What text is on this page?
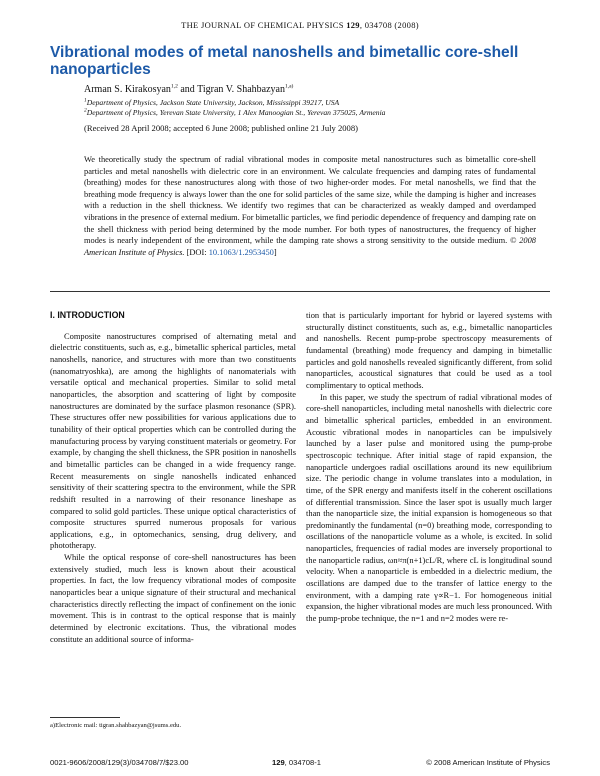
THE JOURNAL OF CHEMICAL PHYSICS 129, 034708 (2008)
Vibrational modes of metal nanoshells and bimetallic core-shell nanoparticles
Arman S. Kirakosyan$^{1,2}$ and Tigran V. Shahbazyan$^{1,a)}$
$^1$Department of Physics, Jackson State University, Jackson, Mississippi 39217, USA
$^2$Department of Physics, Yerevan State University, 1 Alex Manoogian St., Yerevan 375025, Armenia
(Received 28 April 2008; accepted 6 June 2008; published online 21 July 2008)
We theoretically study the spectrum of radial vibrational modes in composite metal nanostructures such as bimetallic core-shell particles and metal nanoshells with dielectric core in an environment. We calculate frequencies and damping rates of fundamental (breathing) modes for these nanostructures along with those of two higher-order modes. For metal nanoshells, we find that the breathing mode frequency is always lower than the one for solid particles of the same size, while the damping is higher and increases with a reduction in the shell thickness. We identify two regimes that can be characterized as weakly damped and overdamped vibrations in the presence of external medium. For bimetallic particles, we find periodic dependence of frequency and damping rate on the shell thickness with period being determined by the mode number. For both types of nanostructures, the frequency of higher modes is nearly independent of the environment, while the damping rate shows a strong sensitivity to the outside medium. © 2008 American Institute of Physics. [DOI: 10.1063/1.2953450]
I. INTRODUCTION

Composite nanostructures comprised of alternating metal and dielectric constituents, such as, e.g., bimetallic spherical particles, metal nanoshells, nanorice, and structures with more than two constituents (nanomatryoshka), are among the highlights of nanomaterials with versatile optical and mechanical properties. Similar to solid metal nanoparticles, the absorption and scattering of light by composite nanostructures are dominated by the surface plasmon resonance (SPR). These structures offer new possibilities for various applications due to tunability of their optical properties which can be controlled during the manufacturing process by varying constituent materials or geometry. For example, by changing the shell thickness, the SPR position in nanoshells and bimetallic particles can be changed in a wide frequency range. Recent measurements on single nanoshells indicated enhanced sensitivity of their scattering spectra to the environment, while the SPR redshift resulted in a narrowing of their resonance lineshape as compared to solid gold particles. These unique optical characteristics of composite structures spurred numerous proposals for various applications, e.g., in optomechanics, sensing, drug delivery, and phototherapy.

While the optical response of core-shell nanostructures has been extensively studied, much less is known about their acoustical properties. In fact, the low frequency vibrational modes of composite nanoparticles bear a unique signature of their structural and mechanical characteristics directly reflecting the impact of confinement on the ionic movement. This is in contrast to the optical response that is mainly determined by electronic excitations. Thus, the vibrational modes constitute an additional source of informa-

tion that is particularly important for hybrid or layered systems with structurally distinct constituents, such as, e.g., bimetallic nanoparticles and nanoshells. Recent pump-probe spectroscopy measurements of fundamental (breathing) mode frequency and damping in bimetallic particles and gold nanoshells revealed significantly different, from solid nanoparticles, acoustical signatures that could be used as a tool complimentary to optical methods.

In this paper, we study the spectrum of radial vibrational modes of core-shell nanoparticles, including metal nanoshells with dielectric core and bimetallic spherical particles, embedded in an environment. Acoustic vibrational modes in nanoparticles can be impulsively launched by a laser pulse and monitored using the pump-probe spectroscopic technique. After initial stage of rapid expansion, the nanoparticle undergoes radial oscillations around its new equilibrium size. The periodic change in volume translates into a modulation, in time, of the SPR energy and manifests itself in the coherent oscillations of differential transmission. Since the laser spot is usually much larger than the nanoparticle size, the initial expansion is homogeneous so that predominantly the fundamental (n=0) breathing mode, corresponding to oscillations of the nanoparticle volume as a whole, is excited. In solid nanoparticles, frequencies of radial modes are inversely proportional to the nanoparticle radius, ωn≈π(n+1)cL/R, where cL is longitudinal sound velocity. When a nanoparticle is embedded in a dielectric medium, the oscillations are damped due to the transfer of lattice energy to the environment, with a damping rate γ∝R−1. For homogeneous initial expansion, the higher vibrational modes are much less pronounced. With the pump-probe technique, the n=1 and n=2 modes were re-

a)Electronic mail: tigran.shahbazyan@jsums.edu.
0021-9606/2008/129(3)/034708/7/$23.00	129, 034708-1	© 2008 American Institute of Physics
